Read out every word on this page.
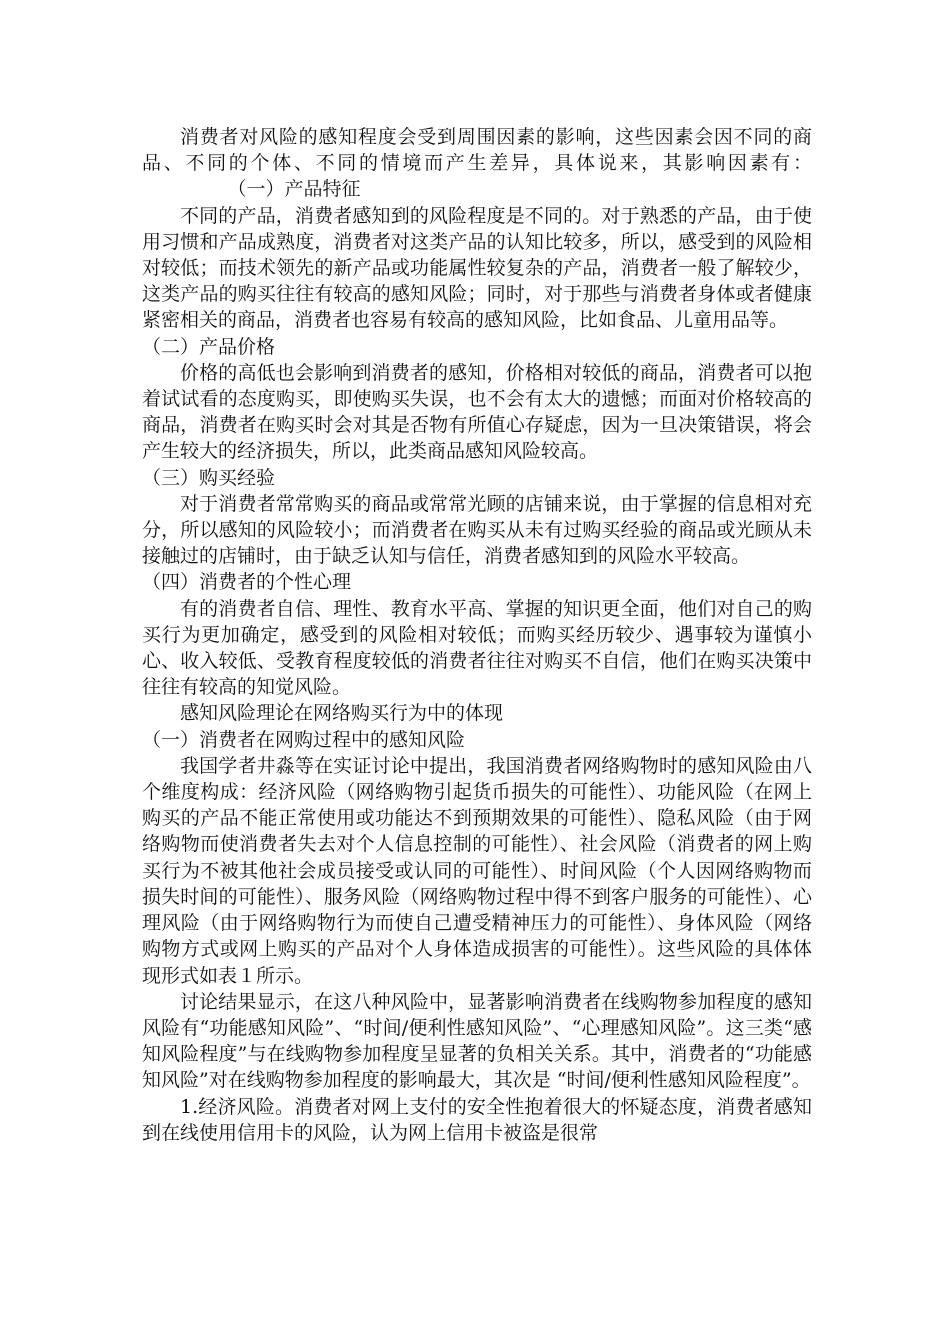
消费者对风险的感知程度会受到周围因素的影响，这些因素会因不同的商品、不同的个体、不同的情境而产生差异，具体说来，其影响因素有：（一）产品特征

不同的产品，消费者感知到的风险程度是不同的。对于熟悉的产品，由于使用习惯和产品成熟度，消费者对这类产品的认知比较多，所以，感受到的风险相对较低；而技术领先的新产品或功能属性较复杂的产品，消费者一般了解较少，这类产品的购买往往有较高的感知风险；同时，对于那些与消费者身体或者健康紧密相关的商品，消费者也容易有较高的感知风险，比如食品、儿童用品等。

（二）产品价格

价格的高低也会影响到消费者的感知，价格相对较低的商品，消费者可以抱着试试看的态度购买，即使购买失误，也不会有太大的遗憾；而面对价格较高的商品，消费者在购买时会对其是否物有所值心存疑虑，因为一旦决策错误，将会产生较大的经济损失，所以，此类商品感知风险较高。

（三）购买经验

对于消费者常常购买的商品或常常光顾的店铺来说，由于掌握的信息相对充分，所以感知的风险较小；而消费者在购买从未有过购买经验的商品或光顾从未接触过的店铺时，由于缺乏认知与信任，消费者感知到的风险水平较高。

（四）消费者的个性心理

有的消费者自信、理性、教育水平高、掌握的知识更全面，他们对自己的购买行为更加确定，感受到的风险相对较低；而购买经历较少、遇事较为谨慎小心、收入较低、受教育程度较低的消费者往往对购买不自信，他们在购买决策中往往有较高的知觉风险。

感知风险理论在网络购买行为中的体现

（一）消费者在网购过程中的感知风险

我国学者井淼等在实证讨论中提出，我国消费者网络购物时的感知风险由八个维度构成：经济风险（网络购物引起货币损失的可能性）、功能风险（在网上购买的产品不能正常使用或功能达不到预期效果的可能性）、隐私风险（由于网络购物而使消费者失去对个人信息控制的可能性）、社会风险（消费者的网上购买行为不被其他社会成员接受或认同的可能性）、时间风险（个人因网络购物而损失时间的可能性）、服务风险（网络购物过程中得不到客户服务的可能性）、心理风险（由于网络购物行为而使自己遭受精神压力的可能性）、身体风险（网络购物方式或网上购买的产品对个人身体造成损害的可能性）。这些风险的具体体现形式如表１所示。

讨论结果显示，在这八种风险中，显著影响消费者在线购物参加程度的感知风险有“功能感知风险”、“时间/便利性感知风险”、“心理感知风险”。这三类“感知风险程度”与在线购物参加程度呈显著的负相关关系。其中，消费者的“功能感知风险”对在线购物参加程度的影响最大，其次是 “时间/便利性感知风险程度”。

1.经济风险。消费者对网上支付的安全性抱着很大的怀疑态度，消费者感知到在线使用信用卡的风险，认为网上信用卡被盗是很常
